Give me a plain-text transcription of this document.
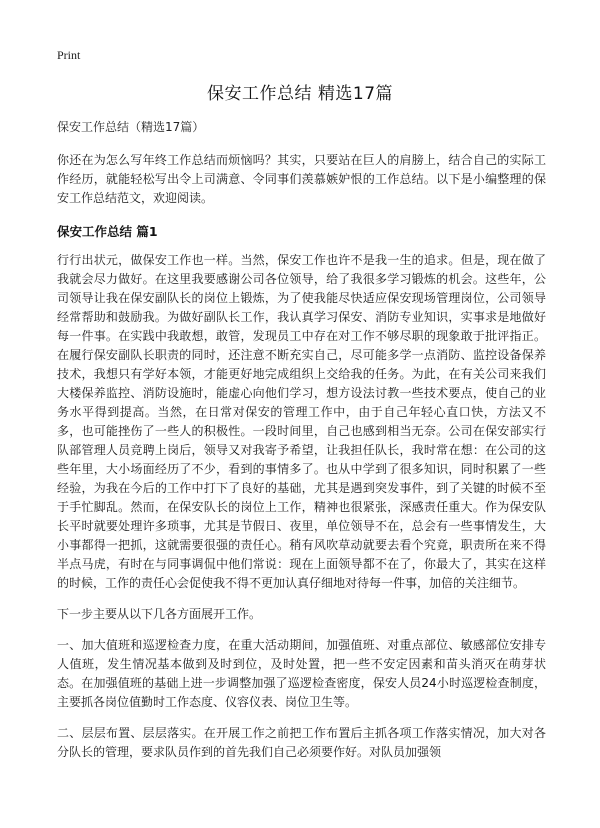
Print
保安工作总结 精选17篇
保安工作总结（精选17篇）

你还在为怎么写年终工作总结而烦恼吗？其实，只要站在巨人的肩膀上，结合自己的实际工作经历，就能轻松写出令上司满意、令同事们羡慕嫉妒恨的工作总结。以下是小编整理的保安工作总结范文，欢迎阅读。

保安工作总结 篇1

行行出状元，做保安工作也一样。当然，保安工作也许不是我一生的追求。但是，现在做了我就会尽力做好。在这里我要感谢公司各位领导，给了我很多学习锻炼的机会。这些年，公司领导让我在保安副队长的岗位上锻炼，为了使我能尽快适应保安现场管理岗位，公司领导经常帮助和鼓励我。为做好副队长工作，我认真学习保安、消防专业知识，实事求是地做好每一件事。在实践中我敢想，敢管，发现员工中存在对工作不够尽职的现象敢于批评指正。在履行保安副队长职责的同时，还注意不断充实自己，尽可能多学一点消防、监控设备保养技术，我想只有学好本领，才能更好地完成组织上交给我的任务。为此，在有关公司来我们大楼保养监控、消防设施时，能虚心向他们学习，想方设法讨教一些技术要点，使自己的业务水平得到提高。当然，在日常对保安的管理工作中，由于自己年轻心直口快，方法又不多，也可能挫伤了一些人的积极性。一段时间里，自己也感到相当无奈。公司在保安部实行队部管理人员竞聘上岗后，领导又对我寄予希望，让我担任队长，我时常在想：在公司的这些年里，大小场面经历了不少，看到的事情多了。也从中学到了很多知识，同时积累了一些经验，为我在今后的工作中打下了良好的基础，尤其是遇到突发事件，到了关键的时候不至于手忙脚乱。然而，在保安队长的岗位上工作，精神也很紧张，深感责任重大。作为保安队长平时就要处理许多琐事，尤其是节假日、夜里，单位领导不在，总会有一些事情发生，大小事都得一把抓，这就需要很强的责任心。稍有风吹草动就要去看个究竟，职责所在来不得半点马虎，有时在与同事调侃中他们常说：现在上面领导都不在了，你最大了，其实在这样的时候，工作的责任心会促使我不得不更加认真仔细地对待每一件事，加倍的关注细节。

下一步主要从以下几各方面展开工作。

一、加大值班和巡逻检查力度，在重大活动期间，加强值班、对重点部位、敏感部位安排专人值班，发生情况基本做到及时到位，及时处置，把一些不安定因素和苗头消灭在萌芽状态。在加强值班的基础上进一步调整加强了巡逻检查密度，保安人员24小时巡逻检查制度，主要抓各岗位值勤时工作态度、仪容仪表、岗位卫生等。

二、层层布置、层层落实。在开展工作之前把工作布置后主抓各项工作落实情况，加大对各分队长的管理，要求队员作到的首先我们自己必须要作好。对队员加强领
